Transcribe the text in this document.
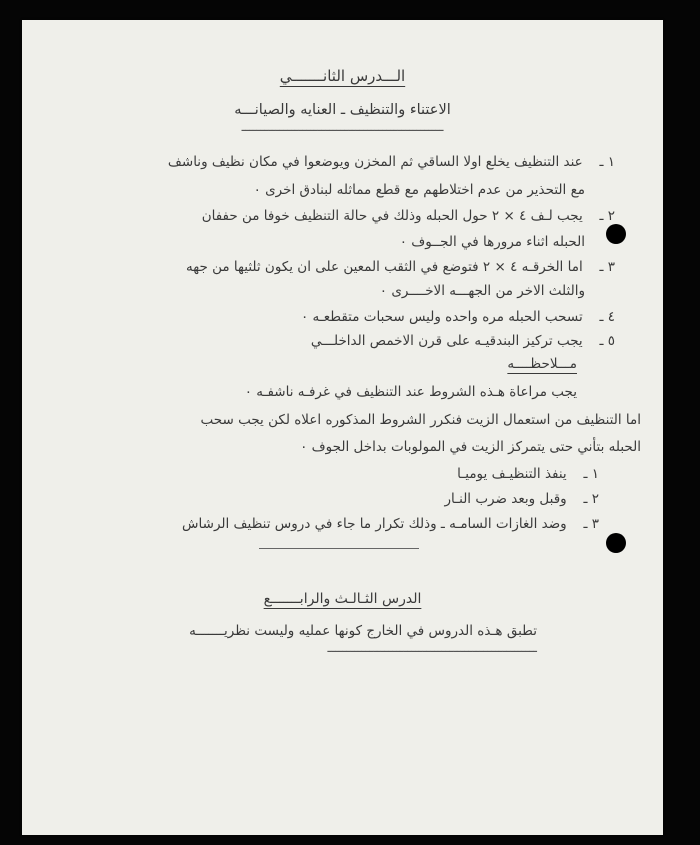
الـــدرس الثانـــــــي
الاعتناء والتنظيف ـ العنايه والصيانـــه
ـــــــــــــــــــــــــــــــــــــــــــــــــــــ
١ ـ عند التنظيف يخلع اولا الساقي ثم المخزن ويوضعوا في مكان نظيف وناشف
مع التحذير من عدم اختلاطهم مع قطع مماثله لبنادق اخرى ٠
٢ ـ يجب لـف ٤ × ٢ حول الحبله وذلك في حالة التنظيف خوفا من حففان
الحبله اثناء مرورها في الجــوف ٠
٣ ـ اما الخرقـه ٤ × ٢ فتوضع في الثقب المعين على ان يكون ثلثيها من جهه
والثلث الاخر من الجهـــه الاخــــرى ٠
٤ ـ تسحب الحبله مره واحده وليس سحبات متقطعـه ٠
٥ ـ يجب تركيز البندقيـه على قرن الاخمص الداخلـــي
مـــلاحظــــه
يجب مراعاة هـذه الشروط عند التنظيف في غرفـه ناشفـه ٠
اما التنظيف من استعمال الزيت فنكرر الشروط المذكوره اعلاه لكن يجب سحب
الحبله بتأني حتى يتمركز الزيت في المولوبات بداخل الجوف ٠
١ ـ ينفذ التنظيـف يوميـا
٢ ـ وقبل وبعد ضرب النـار
٣ ـ وضد الغازات السامـه ـ وذلك تكرار ما جاء في دروس تنظيف الرشاش
الدرس الثـالـث والرابـــــــع
تطبق هـذه الدروس في الخارج كونها عمليه وليست نظريـــــــه
ـــــــــــــــــــــــــــــــــــــــــــــــــــــــ
